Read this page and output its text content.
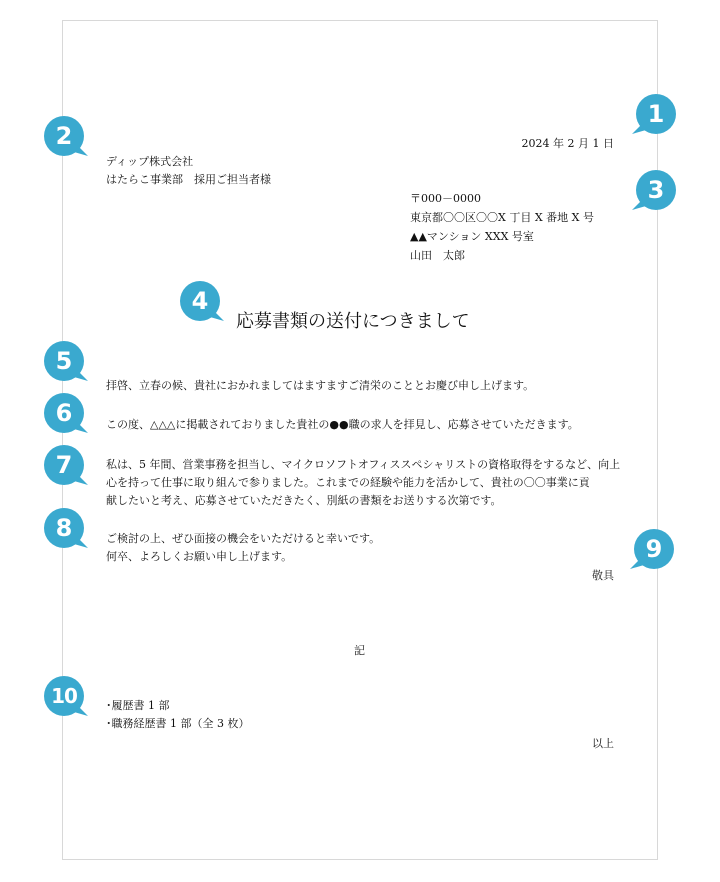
1
2
3
4
5
6
7
8
9
10
2024 年 2 月 1 日
ディップ株式会社
はたらこ事業部　採用ご担当者様
〒000－0000
東京都〇〇区〇〇X 丁目 X 番地 X 号
▲▲マンション XXX 号室
山田　太郎
応募書類の送付につきまして
拝啓、立春の候、貴社におかれましてはますますご清栄のこととお慶び申し上げます。
この度、△△△に掲載されておりました貴社の●●職の求人を拝見し、応募させていただきます。
私は、5 年間、営業事務を担当し、マイクロソフトオフィススペシャリストの資格取得をするなど、向上
心を持って仕事に取り組んで参りました。これまでの経験や能力を活かして、貴社の〇〇事業に貢
献したいと考え、応募させていただきたく、別紙の書類をお送りする次第です。
ご検討の上、ぜひ面接の機会をいただけると幸いです。
何卒、よろしくお願い申し上げます。
敬具
記
･履歴書 1 部
･職務経歴書 1 部（全 3 枚）
以上
